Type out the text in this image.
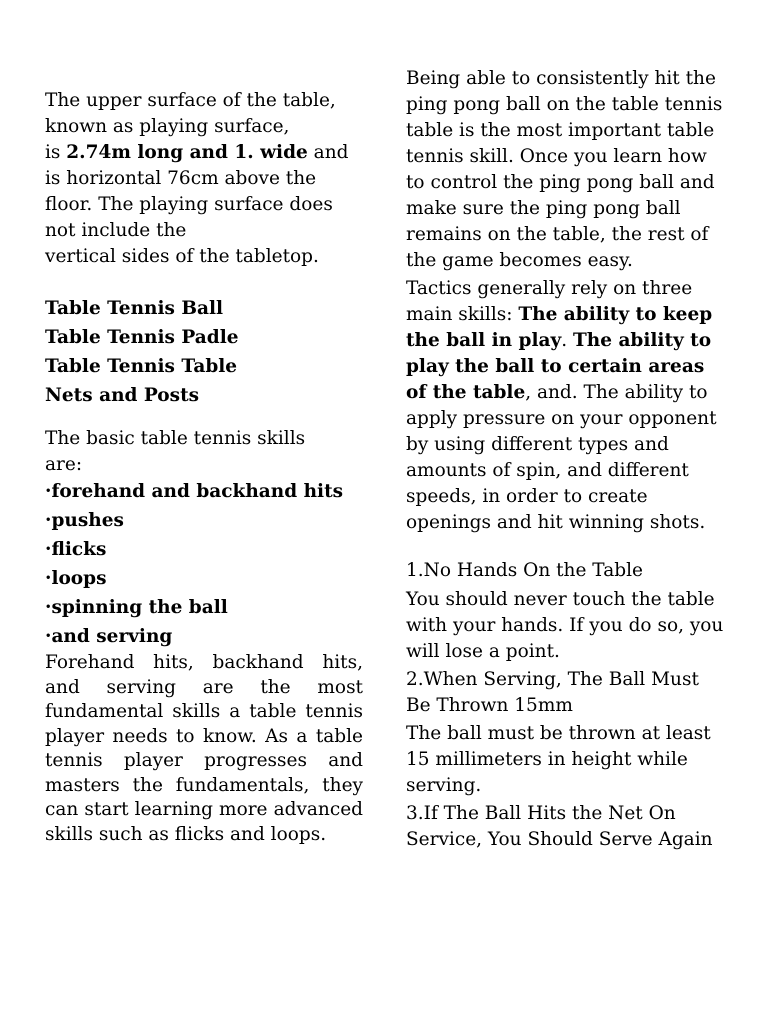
The upper surface of the table,
known as playing surface,
is 2.74m long and 1. wide and
is horizontal 76cm above the
floor. The playing surface does
not include the
vertical sides of the tabletop.
Table Tennis Ball
Table Tennis Padle
Table Tennis Table
Nets and Posts
The basic table tennis skills
are:
·forehand and backhand hits
·pushes
·flicks
·loops
·spinning the ball
·and serving

Forehand hits, backhand hits, and serving are the most fundamental skills a table tennis player needs to know. As a table tennis player progresses and masters the fundamentals, they can start learning more advanced skills such as flicks and loops.

Being able to consistently hit the ping pong ball on the table tennis table is the most important table tennis skill. Once you learn how to control the ping pong ball and make sure the ping pong ball remains on the table, the rest of the game becomes easy.

Tactics generally rely on three main skills: The ability to keep the ball in play. The ability to play the ball to certain areas of the table, and. The ability to apply pressure on your opponent by using different types and amounts of spin, and different speeds, in order to create openings and hit winning shots.

1.No Hands On the Table

You should never touch the table with your hands. If you do so, you will lose a point.

2.When Serving, The Ball Must Be Thrown 15mm

The ball must be thrown at least 15 millimeters in height while serving.

3.If The Ball Hits the Net On Service, You Should Serve Again
